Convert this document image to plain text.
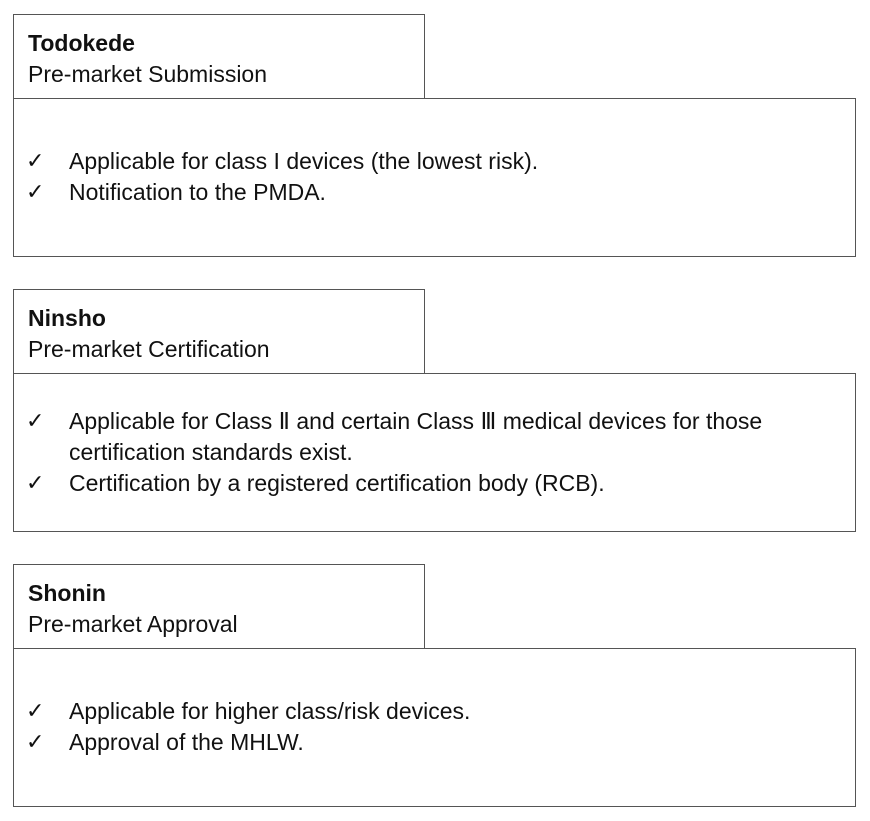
Todokede
Pre-market Submission
✓	Applicable for class I devices (the lowest risk).
✓	Notification to the PMDA.
Ninsho
Pre-market Certification
✓	Applicable for Class Ⅱ and certain Class Ⅲ medical devices for those certification standards exist.
✓	Certification by a registered certification body (RCB).
Shonin
Pre-market Approval
✓	Applicable for higher class/risk devices.
✓	Approval of the MHLW.
